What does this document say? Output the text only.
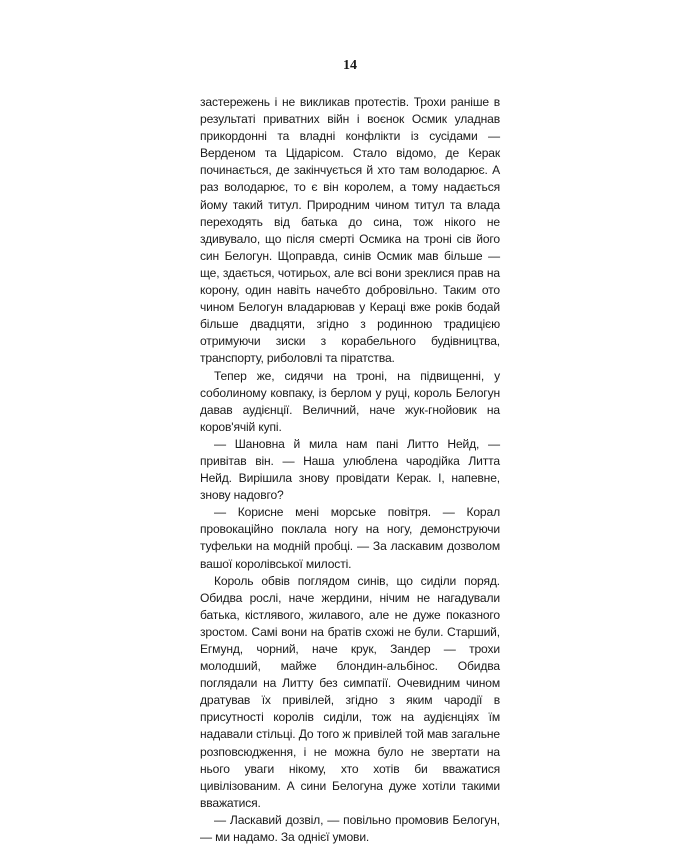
14

застережень і не викликав протестів. Трохи раніше в результаті приватних війн і воєнок Осмик уладнав прикордонні та владні конфлікти із сусідами — Верденом та Цідарісом. Стало відомо, де Керак починається, де закінчується й хто там володарює. А раз володарює, то є він королем, а тому надається йому такий титул. Природним чином титул та влада переходять від батька до сина, тож нікого не здивувало, що після смерті Осмика на троні сів його син Белогун. Щоправда, синів Осмик мав більше — ще, здається, чотирьох, але всі вони зреклися прав на корону, один навіть начебто добровільно. Таким ото чином Белогун владарював у Кераці вже років бодай більше двадцяти, згідно з родинною традицією отримуючи зиски з корабельного будівництва, транспорту, риболовлі та піратства.

Тепер же, сидячи на троні, на підвищенні, у соболиному ковпаку, із берлом у руці, король Белогун давав аудієнції. Величний, наче жук-гнойовик на коров'ячій купі.

— Шановна й мила нам пані Литто Нейд, — привітав він. — Наша улюблена чародійка Литта Нейд. Вирішила знову провідати Керак. І, напевне, знову надовго?

— Корисне мені морське повітря. — Корал провокаційно поклала ногу на ногу, демонструючи туфельки на модній пробці. — За ласкавим дозволом вашої королівської милості.

Король обвів поглядом синів, що сиділи поряд. Обидва рослі, наче жердини, нічим не нагадували батька, кістлявого, жилавого, але не дуже показного зростом. Самі вони на братів схожі не були. Старший, Егмунд, чорний, наче крук, Зандер — трохи молодший, майже блондин-альбінос. Обидва поглядали на Литту без симпатії. Очевидним чином дратував їх привілей, згідно з яким чародії в присутності королів сиділи, тож на аудієнціях їм надавали стільці. До того ж привілей той мав загальне розповсюдження, і не можна було не звертати на нього уваги нікому, хто хотів би вважатися цивілізованим. А сини Белогуна дуже хотіли такими вважатися.

— Ласкавий дозвіл, — повільно промовив Белогун, — ми надамо. За однієї умови.
